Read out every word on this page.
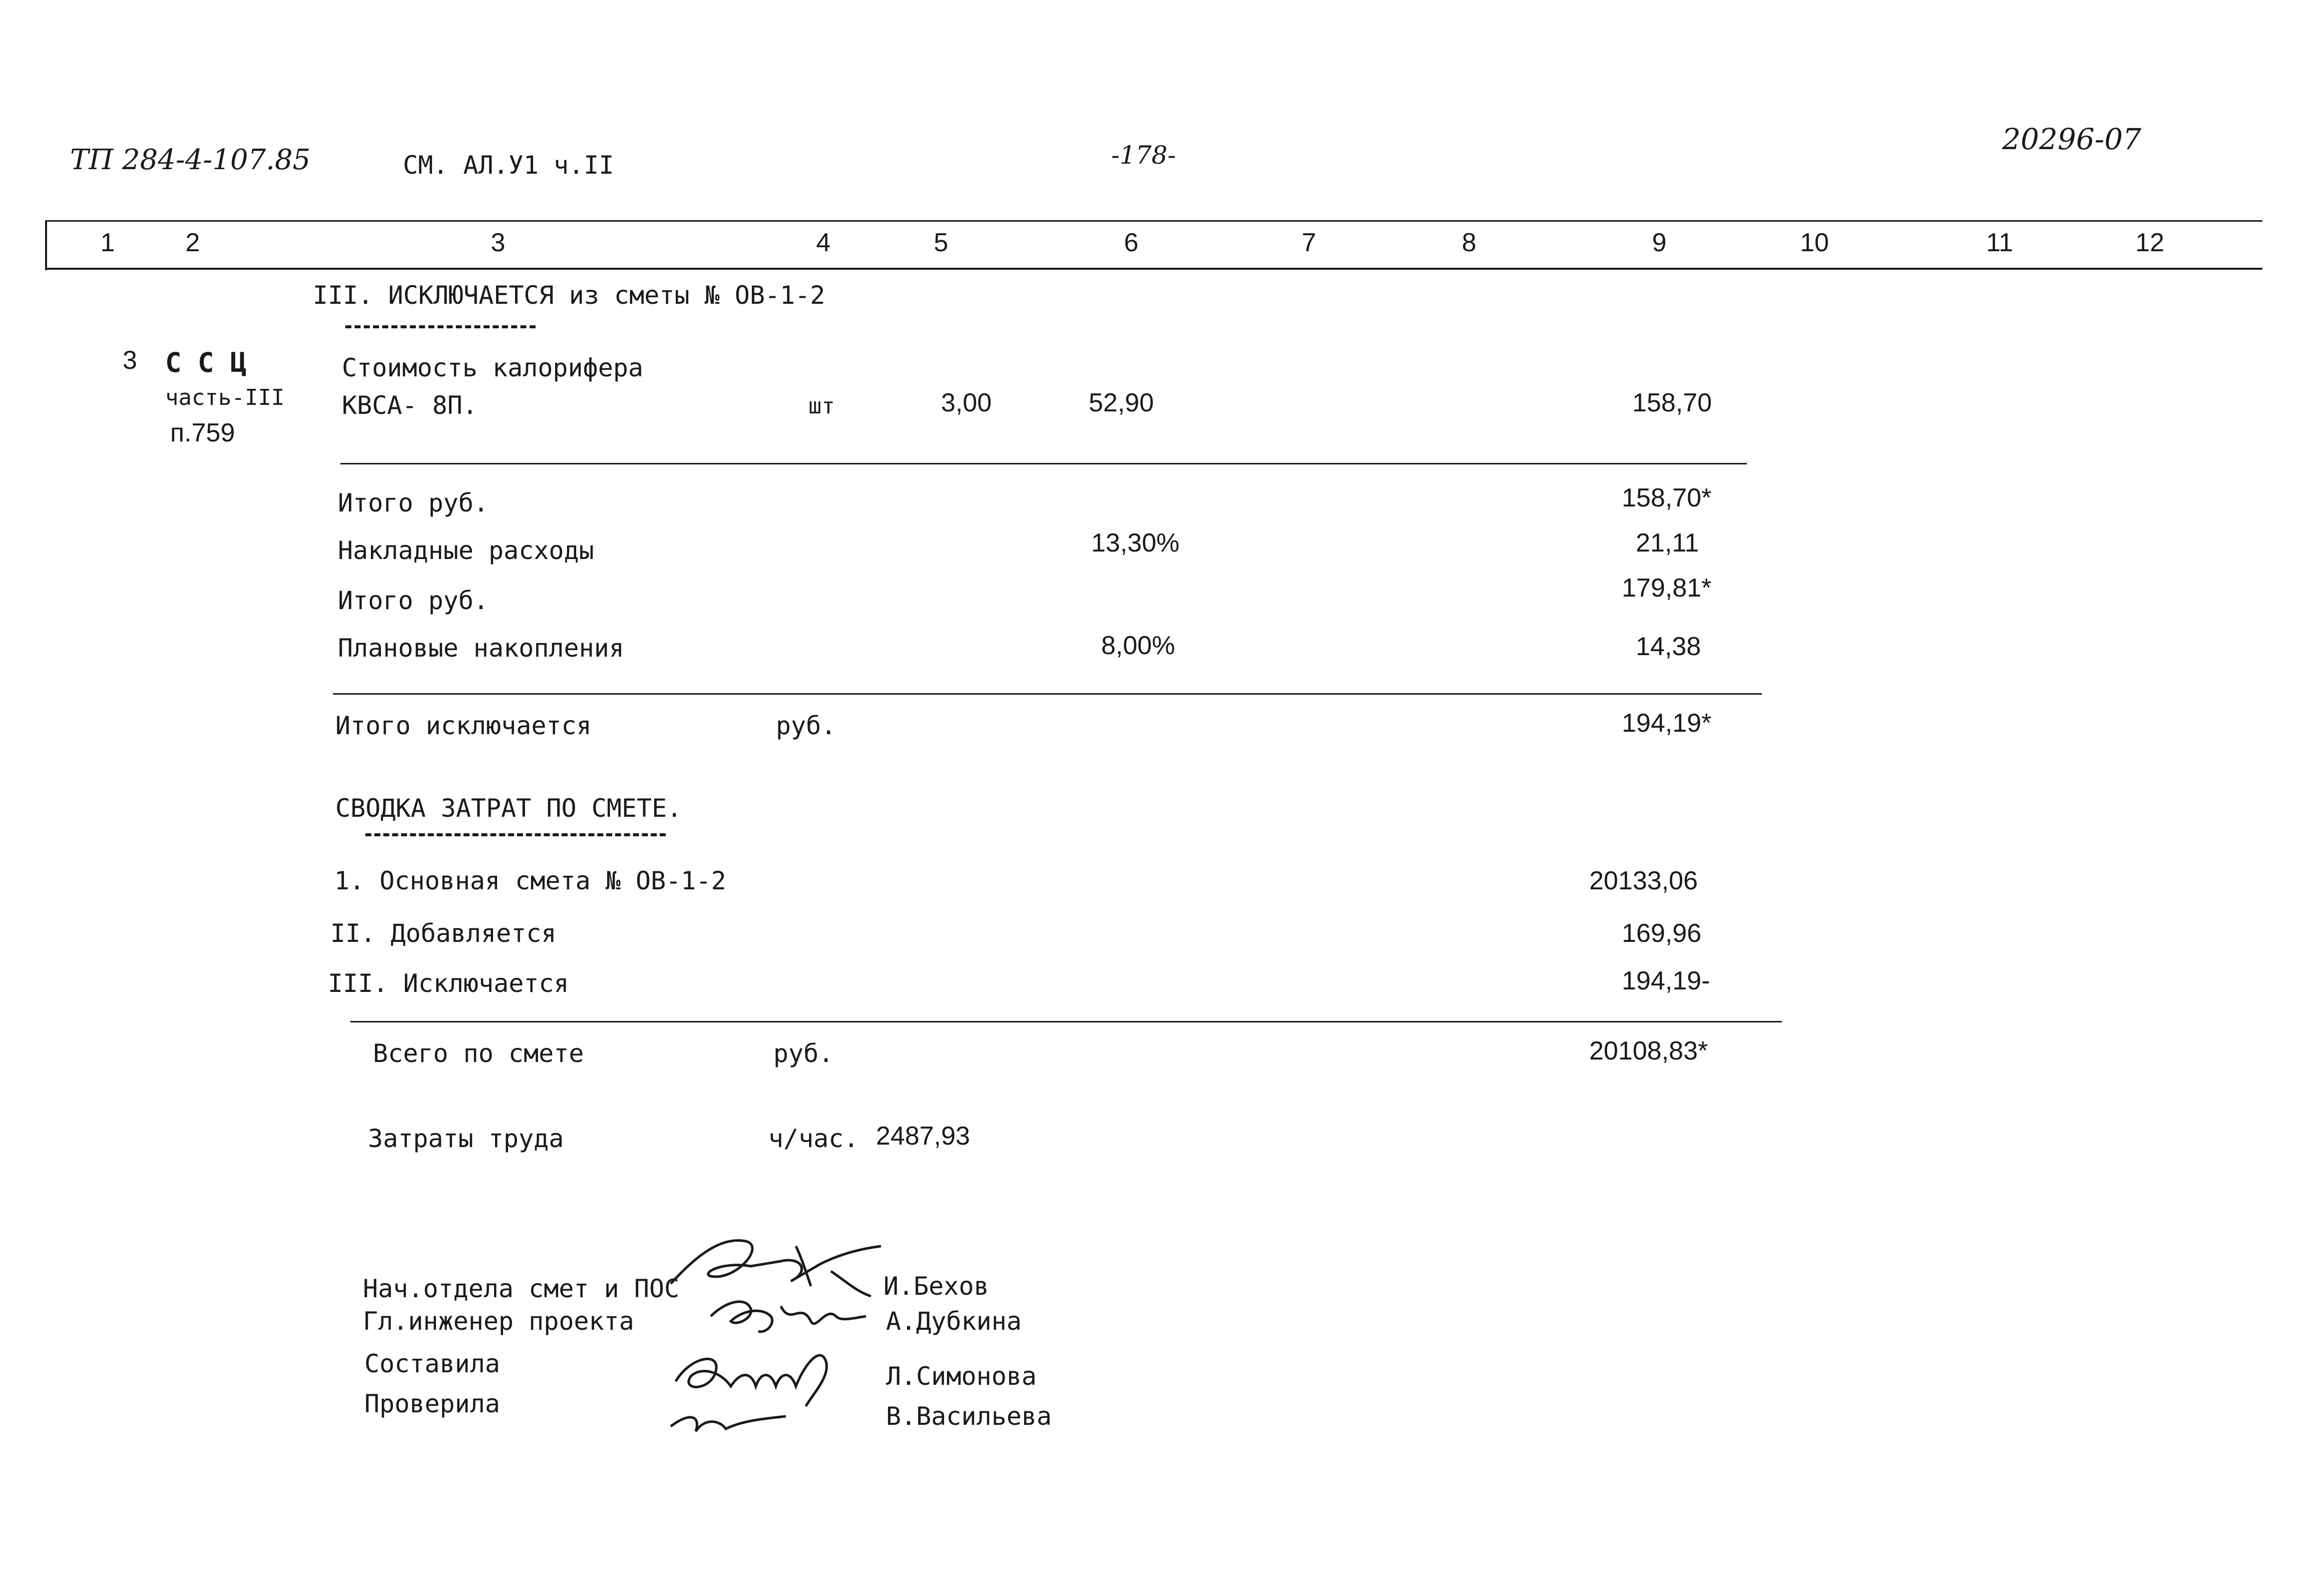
ТП 284-4-107.85	СМ. АЛ.У1 ч.II	-178-	20296-07
1	2	3	4	5	6	7	8	9	10	11	12
III. ИСКЛЮЧАЕТСЯ из сметы № ОВ-1-2
3 С С Ц
часть-III
п.759
Стоимость калорифера
КВСА- 8П.	шт	3,00	52,90	158,70
Итого руб.	158,70*
Накладные расходы	13,30%	21,11
Итого руб.	179,81*
Плановые накопления	8,00%	14,38
Итого исключается	руб.	194,19*
СВОДКА ЗАТРАТ ПО СМЕТЕ.
1. Основная смета № ОВ-1-2	20133,06
II. Добавляется	169,96
III. Исключается	194,19-
Всего по смете	руб.	20108,83*
Затраты труда	ч/час. 2487,93
Нач.отдела смет и ПОС
Гл.инженер проекта
Составила
Проверила
И.Бехов
А.Дубкина
Л.Симонова
В.Васильева
